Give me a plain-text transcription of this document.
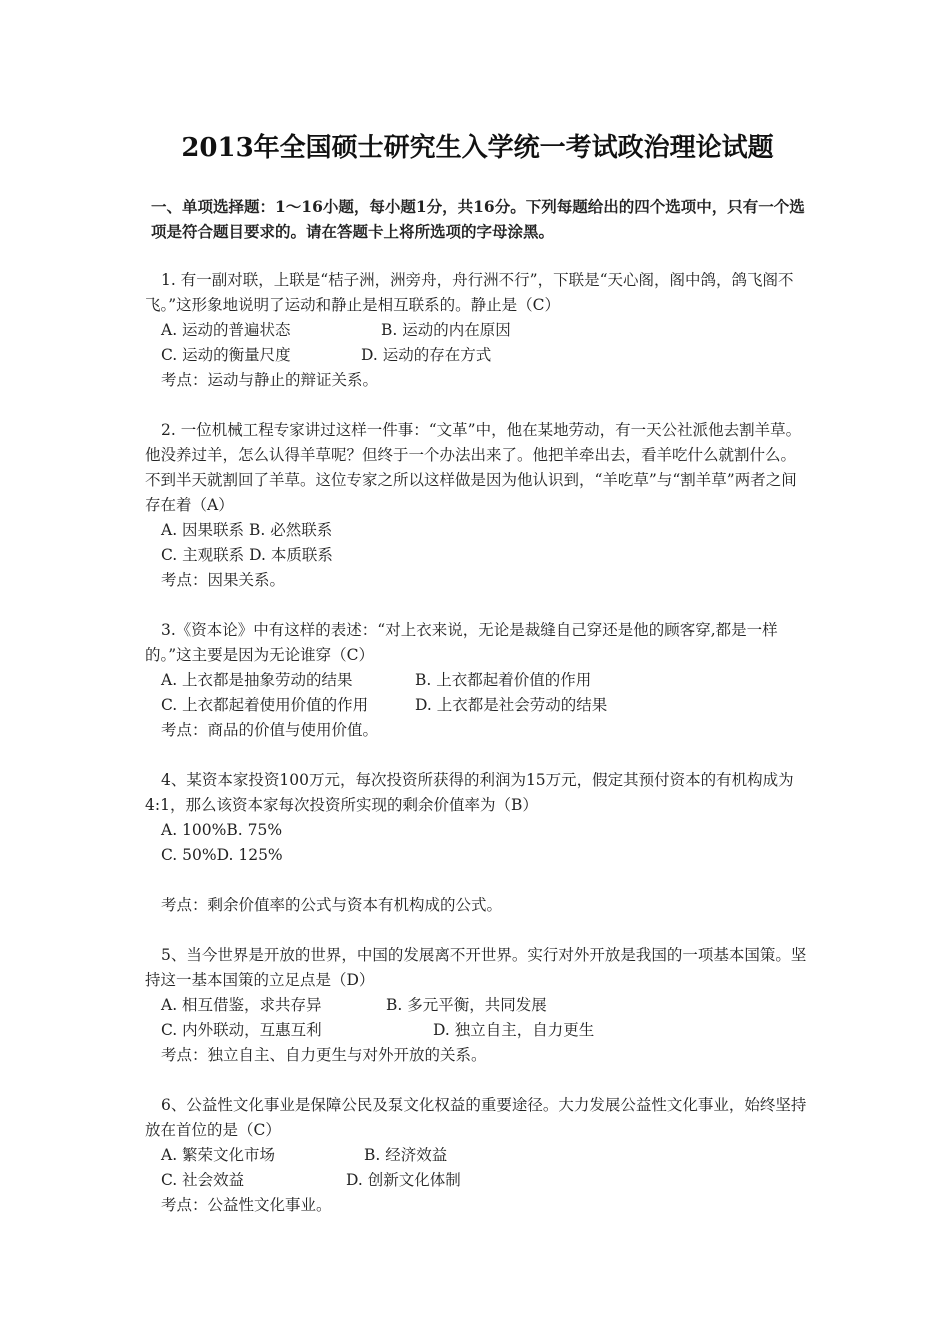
2013年全国硕士研究生入学统一考试政治理论试题

一、单项选择题：1～16小题，每小题1分，共16分。下列每题给出的四个选项中，只有一个选项是符合题目要求的。请在答题卡上将所选项的字母涂黑。

1. 有一副对联，上联是“桔子洲，洲旁舟，舟行洲不行”，下联是“天心阁，阁中鸽，鸽飞阁不飞。”这形象地说明了运动和静止是相互联系的。静止是（C）

A. 运动的普遍状态	B. 运动的内在原因
C. 运动的衡量尺度	D. 运动的存在方式

考点：运动与静止的辩证关系。

2. 一位机械工程专家讲过这样一件事：“文革”中，他在某地劳动，有一天公社派他去割羊草。他没养过羊，怎么认得羊草呢？但终于一个办法出来了。他把羊牵出去，看羊吃什么就割什么。不到半天就割回了羊草。这位专家之所以这样做是因为他认识到，“羊吃草”与“割羊草”两者之间存在着（A）

A. 因果联系 B. 必然联系
C. 主观联系 D. 本质联系

考点：因果关系。

3.《资本论》中有这样的表述：“对上衣来说，无论是裁缝自己穿还是他的顾客穿,都是一样的。”这主要是因为无论谁穿（C）

A. 上衣都是抽象劳动的结果	B. 上衣都起着价值的作用
C. 上衣都起着使用价值的作用	D. 上衣都是社会劳动的结果

考点：商品的价值与使用价值。

4、某资本家投资100万元，每次投资所获得的利润为15万元，假定其预付资本的有机构成为4:1，那么该资本家每次投资所实现的剩余价值率为（B）

A. 100%B. 75%
C. 50%D. 125%

考点：剩余价值率的公式与资本有机构成的公式。

5、当今世界是开放的世界，中国的发展离不开世界。实行对外开放是我国的一项基本国策。坚持这一基本国策的立足点是（D）

A. 相互借鉴，求共存异	B. 多元平衡，共同发展
C. 内外联动，互惠互利	D. 独立自主，自力更生

考点：独立自主、自力更生与对外开放的关系。

6、公益性文化事业是保障公民及泵文化权益的重要途径。大力发展公益性文化事业，始终坚持放在首位的是（C）

A. 繁荣文化市场	B. 经济效益
C. 社会效益	D. 创新文化体制

考点：公益性文化事业。
